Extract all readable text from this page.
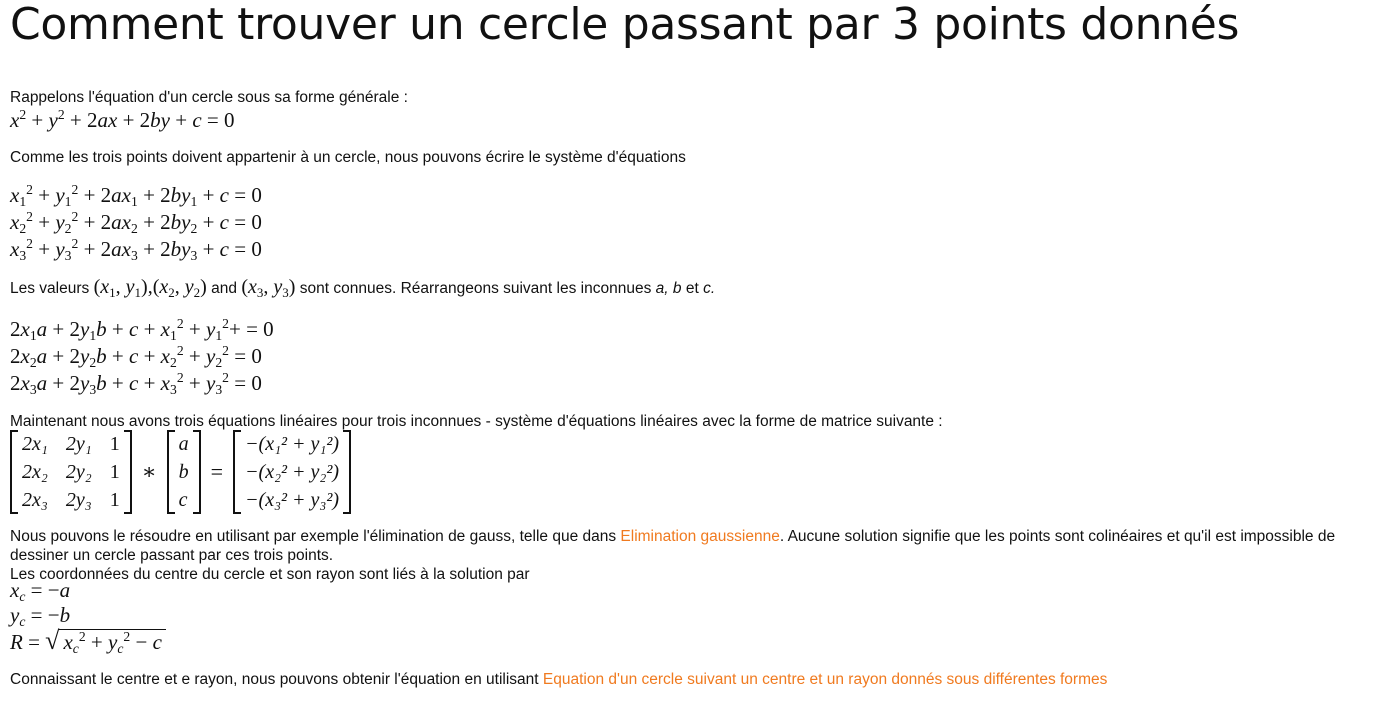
Comment trouver un cercle passant par 3 points donnés
Rappelons l'équation d'un cercle sous sa forme générale :
$x^2 + y^2 + 2ax + 2by + c = 0$
Comme les trois points doivent appartenir à un cercle, nous pouvons écrire le système d'équations
$x_1^2 + y_1^2 + 2ax_1 + 2by_1 + c = 0$
$x_2^2 + y_2^2 + 2ax_2 + 2by_2 + c = 0$
$x_3^2 + y_3^2 + 2ax_3 + 2by_3 + c = 0$
Les valeurs ($x_1$, $y_1),(x_2$, $y_2$) and ($x_3$, $y_3$) sont connues. Réarrangeons suivant les inconnues a, b et c.
$2x_1a + 2y_1b + c + x_1^2 + y_1^2+ = 0$
$2x_2a + 2y_2b + c + x_2^2 + y_2^2 = 0$
$2x_3a + 2y_3b + c + x_3^2 + y_3^2 = 0$
Maintenant nous avons trois équations linéaires pour trois inconnues - système d'équations linéaires avec la forme de matrice suivante :
2x₁ 2y₁ 1
2x₂ 2y₂ 1
2x₃ 2y₃ 1
∗
a
b
c
=
−(x₁² + y₁²)
−(x₂² + y₂²)
−(x₃² + y₃²)
Nous pouvons le résoudre en utilisant par exemple l'élimination de gauss, telle que dans Elimination gaussienne. Aucune solution signifie que les points sont colinéaires et qu'il est impossible de
dessiner un cercle passant par ces trois points.
Les coordonnées du centre du cercle et son rayon sont liés à la solution par
$x_c = -a$
$y_c = -b$
R = √ $x_c^2 + y_c^2 - c$
Connaissant le centre et e rayon, nous pouvons obtenir l'équation en utilisant Equation d'un cercle suivant un centre et un rayon donnés sous différentes formes
